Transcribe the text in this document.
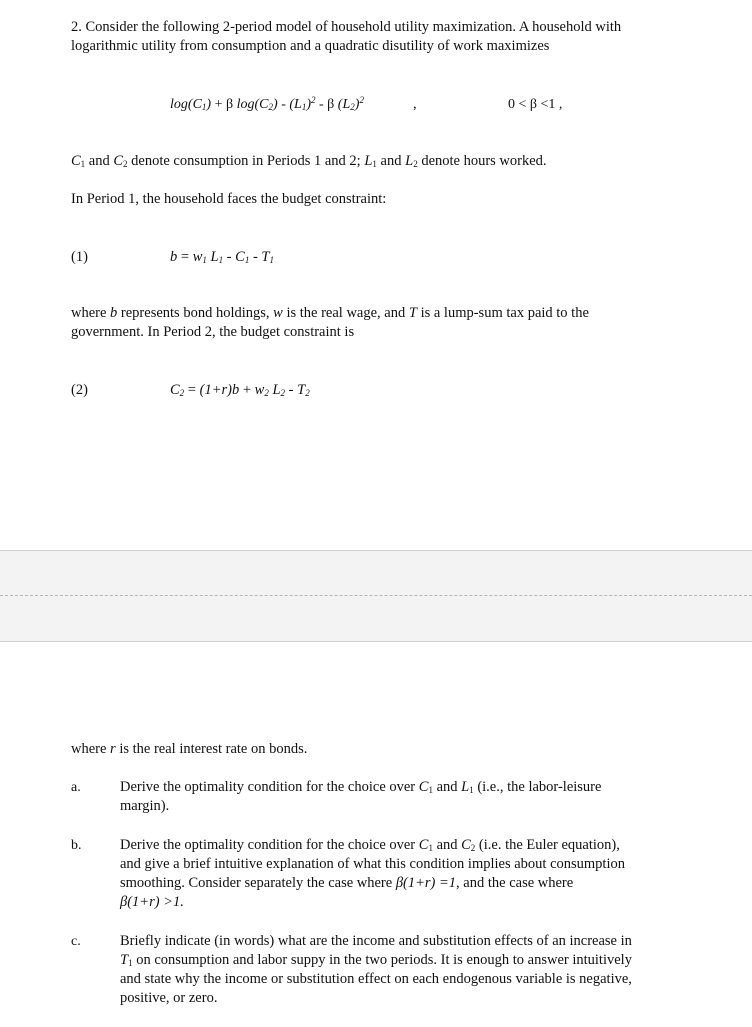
2. Consider the following 2-period model of household utility maximization. A household with

logarithmic utility from consumption and a quadratic disutility of work maximizes

$\log(C_1) + \beta$ $\log(C_2) - (L_1)^2$ - β $(L_2)^2$	,	0 < β <1 ,

$C_1$ and $C_2$ denote consumption in Periods 1 and 2; $L_1$ and $L_2$ denote hours worked.

In Period 1, the household faces the budget constraint:

(1)	$b = w_1$ $L_1 - C_1 - T_1$

where b represents bond holdings, w is the real wage, and T is a lump-sum tax paid to the

government. In Period 2, the budget constraint is

(2)	$C_2 = (1+r)b + w_2$ $L_2 - T_2$

where r is the real interest rate on bonds.

a.	Derive the optimality condition for the choice over $C_1$ and $L_1$ (i.e., the labor-leisure
margin).
b.	Derive the optimality condition for the choice over $C_1$ and $C_2$ (i.e. the Euler equation),
and give a brief intuitive explanation of what this condition implies about consumption
smoothing. Consider separately the case where β(1+r) =1, and the case where
β(1+r) >1.
c.	Briefly indicate (in words) what are the income and substitution effects of an increase in
$T_1$ on consumption and labor suppy in the two periods. It is enough to answer intuitively
and state why the income or substitution effect on each endogenous variable is negative,
positive, or zero.
